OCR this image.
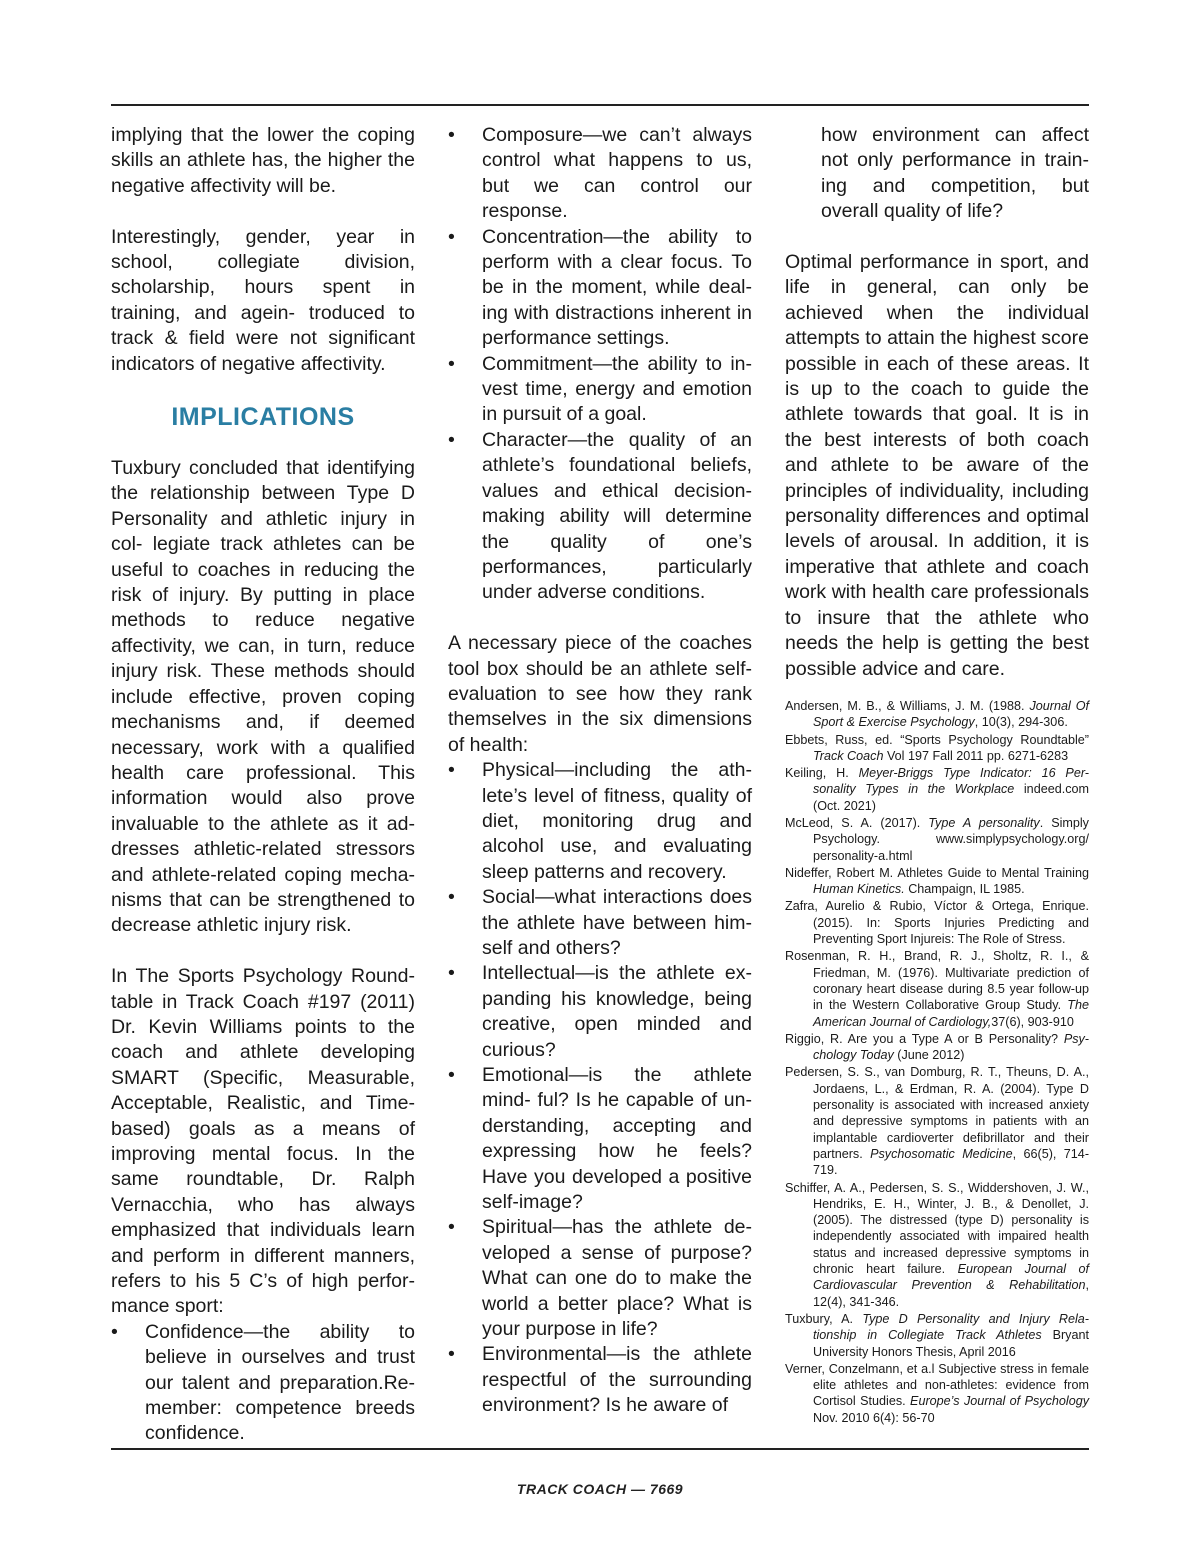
implying that the lower the coping skills an athlete has, the higher the negative affectivity will be.

Interestingly, gender, year in school, collegiate division, scholarship, hours spent in training, and agein- troduced to track & field were not significant indicators of negative affectivity.

IMPLICATIONS

Tuxbury concluded that identifying the relationship between Type D Personality and athletic injury in col- legiate track athletes can be useful to coaches in reducing the risk of injury. By putting in place methods to reduce negative affectivity, we can, in turn, reduce injury risk. These methods should include effective, proven coping mechanisms and, if deemed necessary, work with a qualified health care professional. This information would also prove invaluable to the athlete as it ad- dresses athletic-related stressors and athlete-related coping mecha- nisms that can be strengthened to decrease athletic injury risk.

In The Sports Psychology Round- table in Track Coach #197 (2011) Dr. Kevin Williams points to the coach and athlete developing SMART (Specific, Measurable, Acceptable, Realistic, and Time-based) goals as a means of improving mental focus. In the same roundtable, Dr. Ralph Vernacchia, who has always emphasized that individuals learn and perform in different manners, refers to his 5 C’s of high perfor- mance sport:

• Confidence—the ability to believe in ourselves and trust our talent and preparation.Re- member: competence breeds confidence.
• Composure—we can’t always control what happens to us, but we can control our response.
• Concentration—the ability to perform with a clear focus. To be in the moment, while deal- ing with distractions inherent in performance settings.
• Commitment—the ability to in- vest time, energy and emotion in pursuit of a goal.
• Character—the quality of an athlete’s foundational beliefs, values and ethical decision- making ability will determine the quality of one’s performances, particularly under adverse conditions.

A necessary piece of the coaches tool box should be an athlete self- evaluation to see how they rank themselves in the six dimensions of health:

• Physical—including the ath- lete’s level of fitness, quality of diet, monitoring drug and alcohol use, and evaluating sleep patterns and recovery.
• Social—what interactions does the athlete have between him- self and others?
• Intellectual—is the athlete ex- panding his knowledge, being creative, open minded and curious?
• Emotional—is the athlete mind- ful? Is he capable of un- derstanding, accepting and expressing how he feels? Have you developed a positive self-image?
• Spiritual—has the athlete de- veloped a sense of purpose? What can one do to make the world a better place? What is your purpose in life?
• Environmental—is the athlete respectful of the surrounding environment? Is he aware of

how environment can affect not only performance in train- ing and competition, but overall quality of life?

Optimal performance in sport, and life in general, can only be achieved when the individual attempts to attain the highest score possible in each of these areas. It is up to the coach to guide the athlete towards that goal. It is in the best interests of both coach and athlete to be aware of the principles of individuality, including personality differences and optimal levels of arousal. In addition, it is imperative that athlete and coach work with health care professionals to insure that the athlete who needs the help is getting the best possible advice and care.

Andersen, M. B., & Williams, J. M. (1988. Journal Of Sport & Exercise Psychology, 10(3), 294-306.

Ebbets, Russ, ed. “Sports Psychology Roundtable” Track Coach Vol 197 Fall 2011 pp. 6271-6283

Keiling, H. Meyer-Briggs Type Indicator: 16 Per- sonality Types in the Workplace indeed.com (Oct. 2021)

McLeod, S. A. (2017). Type A personality. Simply Psychology. www.simplypsychology.org/ personality-a.html

Nideffer, Robert M. Athletes Guide to Mental Training Human Kinetics. Champaign, IL 1985.

Zafra, Aurelio & Rubio, Víctor & Ortega, Enrique. (2015). In: Sports Injuries Predicting and Preventing Sport Injureis: The Role of Stress.

Rosenman, R. H., Brand, R. J., Sholtz, R. I., & Friedman, M. (1976). Multivariate prediction of coronary heart disease during 8.5 year follow-up in the Western Collaborative Group Study. The American Journal of Cardiology,37(6), 903-910

Riggio, R. Are you a Type A or B Personality? Psy- chology Today (June 2012)

Pedersen, S. S., van Domburg, R. T., Theuns, D. A., Jordaens, L., & Erdman, R. A. (2004). Type D personality is associated with increased anxiety and depressive symptoms in patients with an implantable cardioverter defibrillator and their partners. Psychosomatic Medicine, 66(5), 714-719.

Schiffer, A. A., Pedersen, S. S., Widdershoven, J. W., Hendriks, E. H., Winter, J. B., & Denollet, J. (2005). The distressed (type D) personality is independently associated with impaired health status and increased depressive symptoms in chronic heart failure. European Journal of Cardiovascular Prevention & Rehabilitation, 12(4), 341-346.

Tuxbury, A. Type D Personality and Injury Rela- tionship in Collegiate Track Athletes Bryant University Honors Thesis, April 2016

Verner, Conzelmann, et a.l Subjective stress in female elite athletes and non-athletes: evidence from Cortisol Studies. Europe’s Journal of Psychology Nov. 2010 6(4): 56-70

TRACK COACH — 7669
